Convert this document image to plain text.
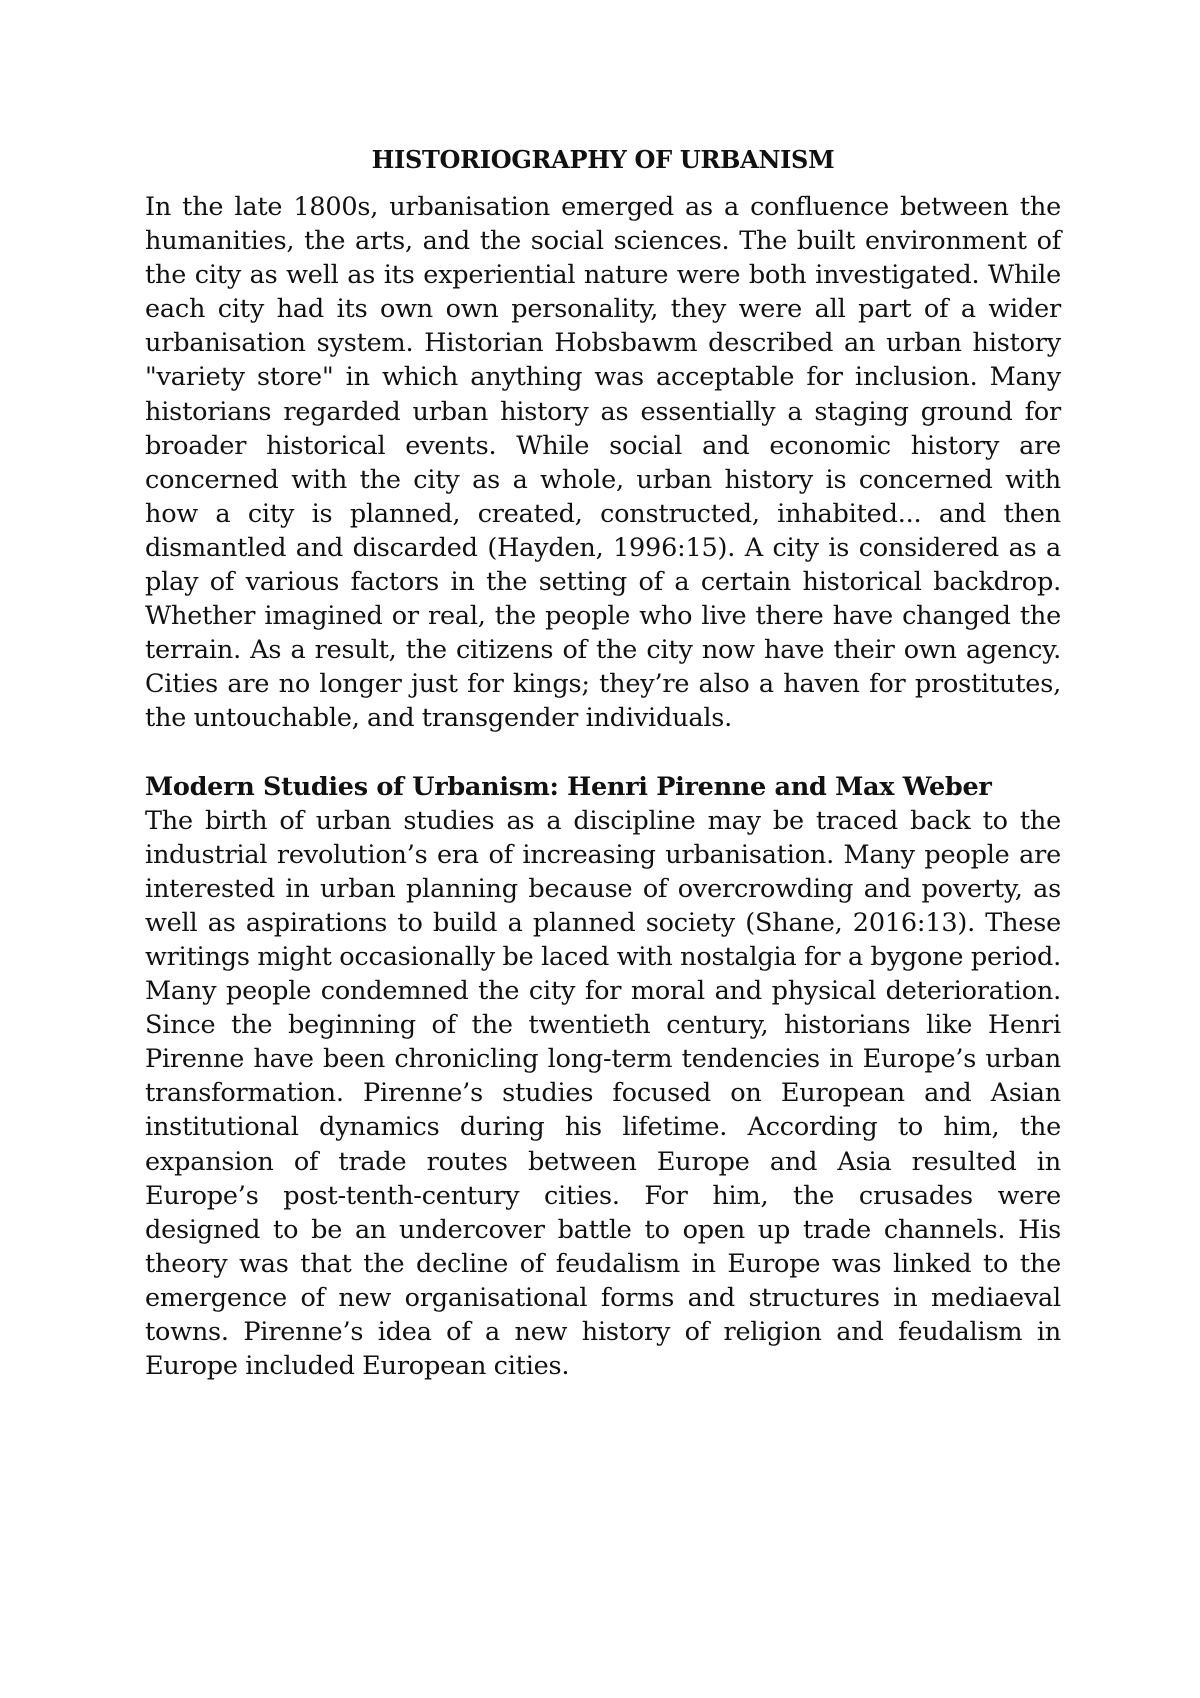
HISTORIOGRAPHY OF URBANISM

In the late 1800s, urbanisation emerged as a confluence between the humanities, the arts, and the social sciences. The built environment of the city as well as its experiential nature were both investigated. While each city had its own own personality, they were all part of a wider urbanisation system. Historian Hobsbawm described an urban history "variety store" in which anything was acceptable for inclusion. Many historians regarded urban history as essentially a staging ground for broader historical events. While social and economic history are concerned with the city as a whole, urban history is concerned with how a city is planned, created, constructed, inhabited... and then dismantled and discarded (Hayden, 1996:15). A city is considered as a play of various factors in the setting of a certain historical backdrop. Whether imagined or real, the people who live there have changed the terrain. As a result, the citizens of the city now have their own agency. Cities are no longer just for kings; they’re also a haven for prostitutes, the untouchable, and transgender individuals.

Modern Studies of Urbanism: Henri Pirenne and Max Weber

The birth of urban studies as a discipline may be traced back to the industrial revolution’s era of increasing urbanisation. Many people are interested in urban planning because of overcrowding and poverty, as well as aspirations to build a planned society (Shane, 2016:13). These writings might occasionally be laced with nostalgia for a bygone period. Many people condemned the city for moral and physical deterioration. Since the beginning of the twentieth century, historians like Henri Pirenne have been chronicling long-term tendencies in Europe’s urban transformation. Pirenne’s studies focused on European and Asian institutional dynamics during his lifetime. According to him, the expansion of trade routes between Europe and Asia resulted in Europe’s post-tenth-century cities. For him, the crusades were designed to be an undercover battle to open up trade channels. His theory was that the decline of feudalism in Europe was linked to the emergence of new organisational forms and structures in mediaeval towns. Pirenne’s idea of a new history of religion and feudalism in Europe included European cities.
